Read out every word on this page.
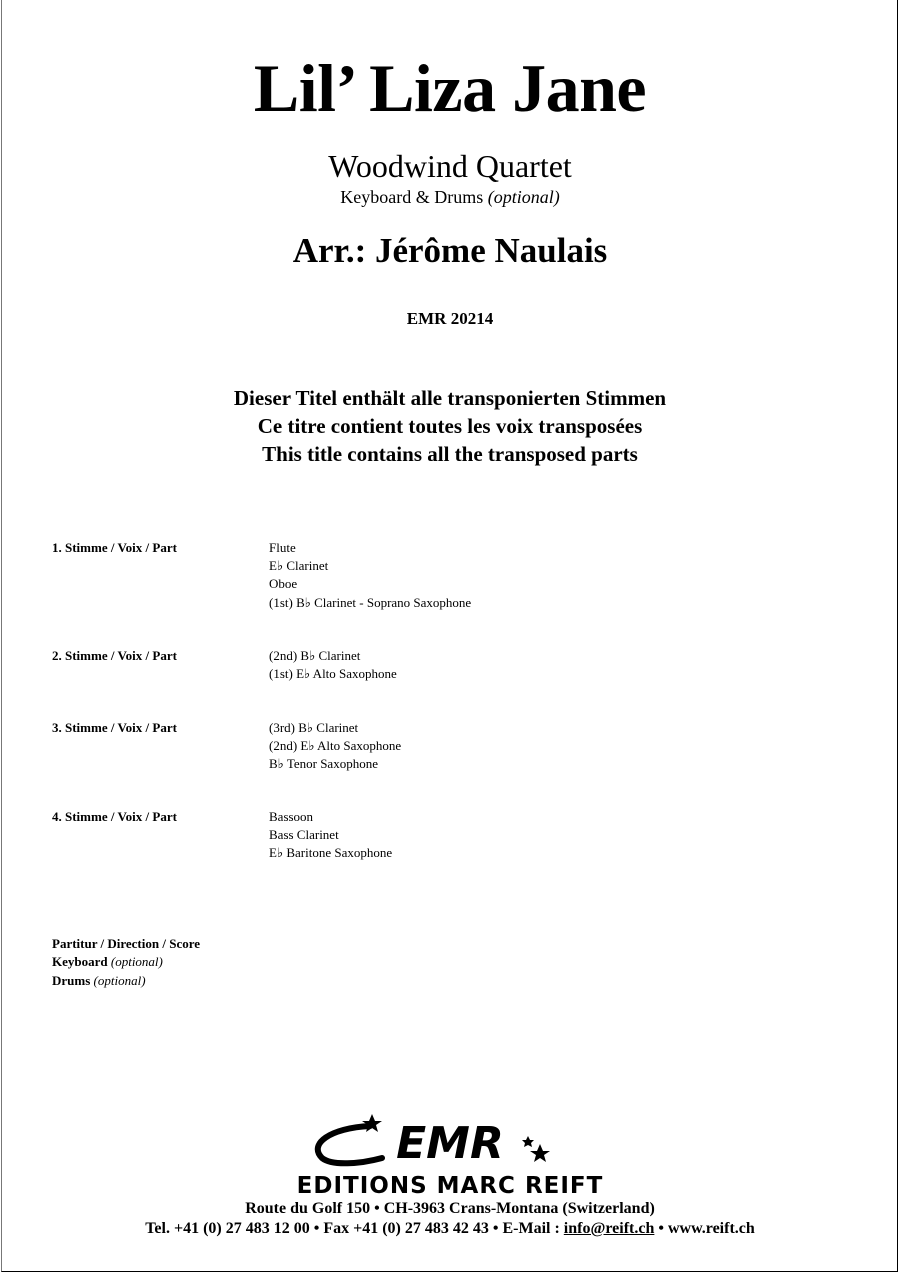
Lil’ Liza Jane
Woodwind Quartet
Keyboard & Drums (optional)
Arr.: Jérôme Naulais
EMR 20214
Dieser Titel enthält alle transponierten Stimmen
Ce titre contient toutes les voix transposées
This title contains all the transposed parts
1. Stimme / Voix / Part	Flute
E♭ Clarinet
Oboe
(1st) B♭ Clarinet - Soprano Saxophone
2. Stimme / Voix / Part	(2nd) B♭ Clarinet
(1st) E♭ Alto Saxophone
3. Stimme / Voix / Part	(3rd) B♭ Clarinet
(2nd) E♭ Alto Saxophone
B♭ Tenor Saxophone
4. Stimme / Voix / Part	Bassoon
Bass Clarinet
E♭ Baritone Saxophone
Partitur / Direction / Score
Keyboard (optional)
Drums (optional)
EMR
EDITIONS MARC REIFT
Route du Golf 150 • CH-3963 Crans-Montana (Switzerland)
Tel. +41 (0) 27 483 12 00 • Fax +41 (0) 27 483 42 43 • E-Mail : info@reift.ch • www.reift.ch
